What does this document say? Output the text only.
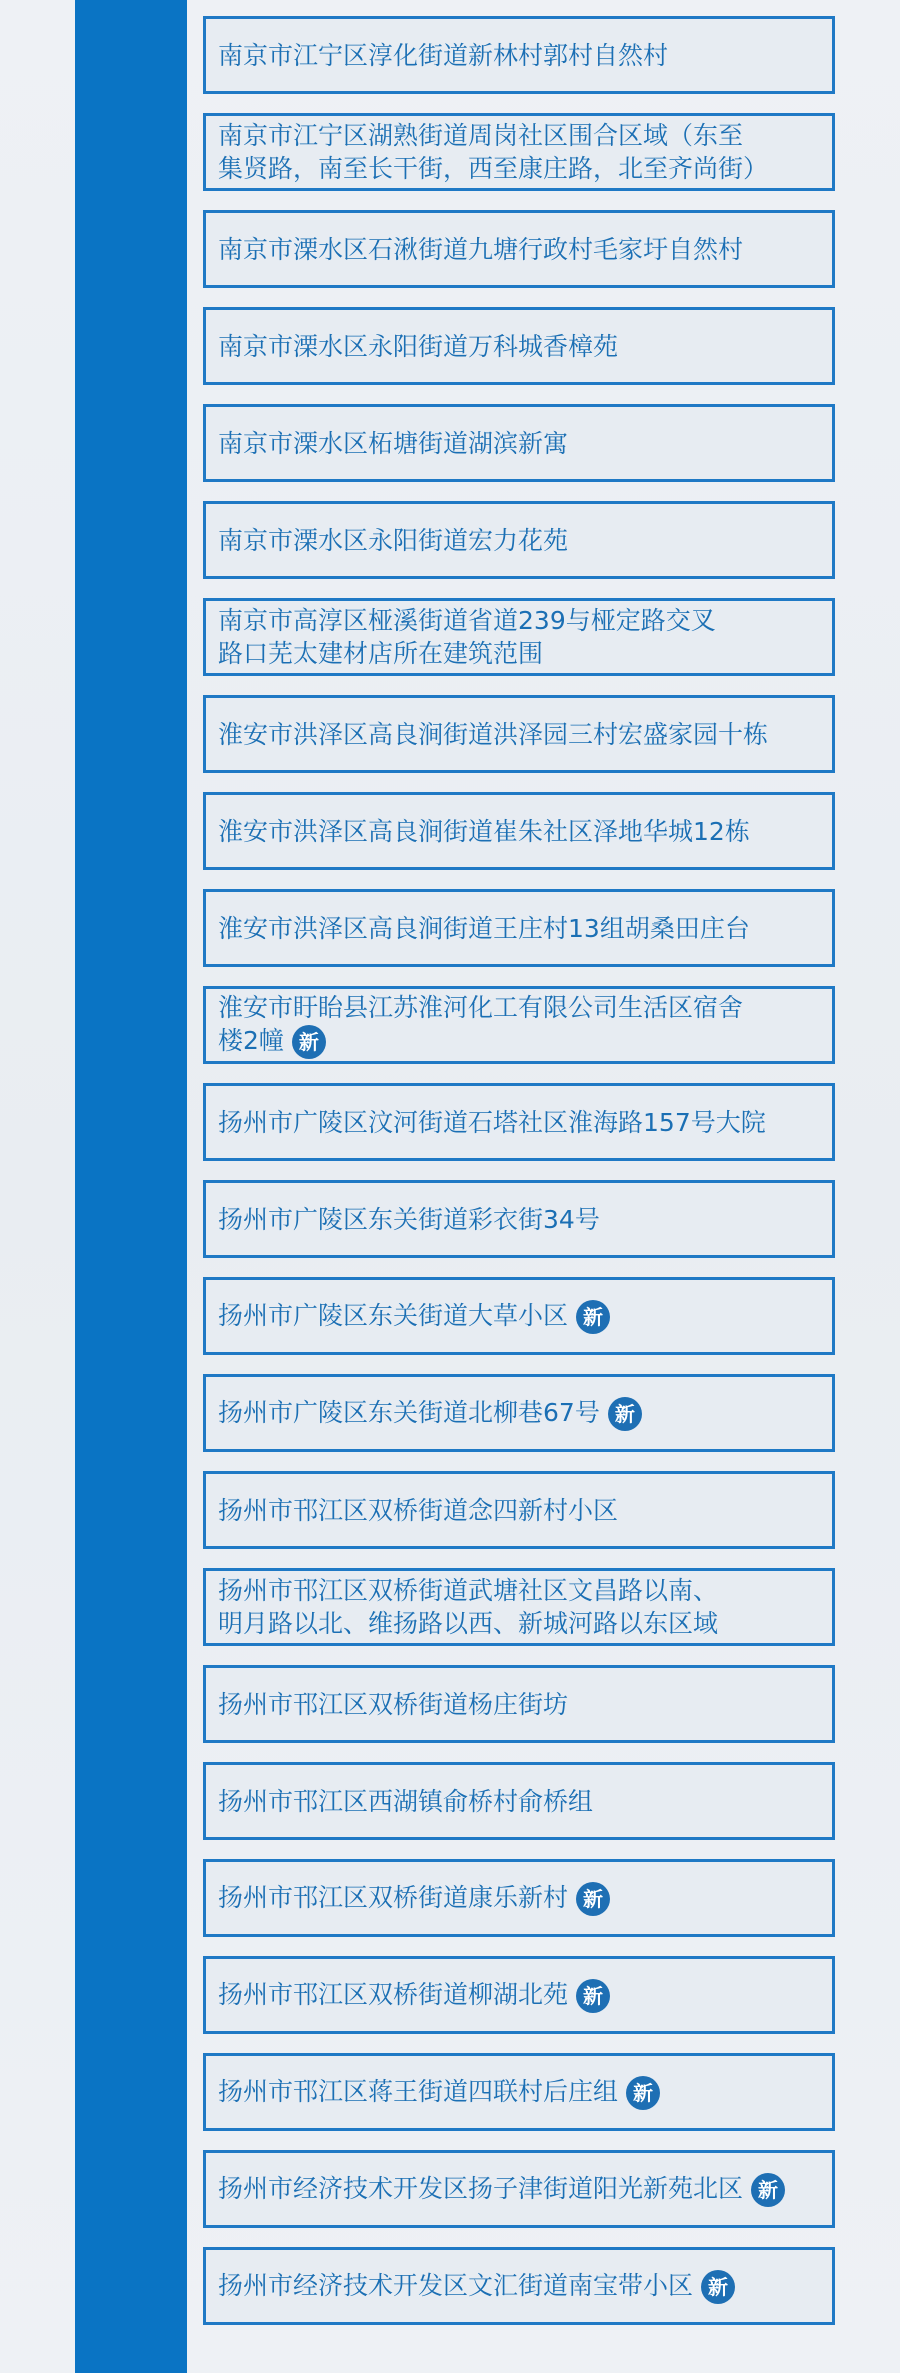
南京市江宁区淳化街道新林村郭村自然村
南京市江宁区湖熟街道周岗社区围合区域（东至
集贤路，南至长干街，西至康庄路，北至齐尚街）
南京市溧水区石湫街道九塘行政村毛家圩自然村
南京市溧水区永阳街道万科城香樟苑
南京市溧水区柘塘街道湖滨新寓
南京市溧水区永阳街道宏力花苑
南京市高淳区桠溪街道省道239与桠定路交叉
路口芜太建材店所在建筑范围
淮安市洪泽区高良涧街道洪泽园三村宏盛家园十栋
淮安市洪泽区高良涧街道崔朱社区泽地华城12栋
淮安市洪泽区高良涧街道王庄村13组胡桑田庄台
淮安市盱眙县江苏淮河化工有限公司生活区宿舍
楼2幢 新
扬州市广陵区汶河街道石塔社区淮海路157号大院
扬州市广陵区东关街道彩衣街34号
扬州市广陵区东关街道大草小区 新
扬州市广陵区东关街道北柳巷67号 新
扬州市邗江区双桥街道念四新村小区
扬州市邗江区双桥街道武塘社区文昌路以南、
明月路以北、维扬路以西、新城河路以东区域
扬州市邗江区双桥街道杨庄街坊
扬州市邗江区西湖镇俞桥村俞桥组
扬州市邗江区双桥街道康乐新村 新
扬州市邗江区双桥街道柳湖北苑 新
扬州市邗江区蒋王街道四联村后庄组 新
扬州市经济技术开发区扬子津街道阳光新苑北区 新
扬州市经济技术开发区文汇街道南宝带小区 新
